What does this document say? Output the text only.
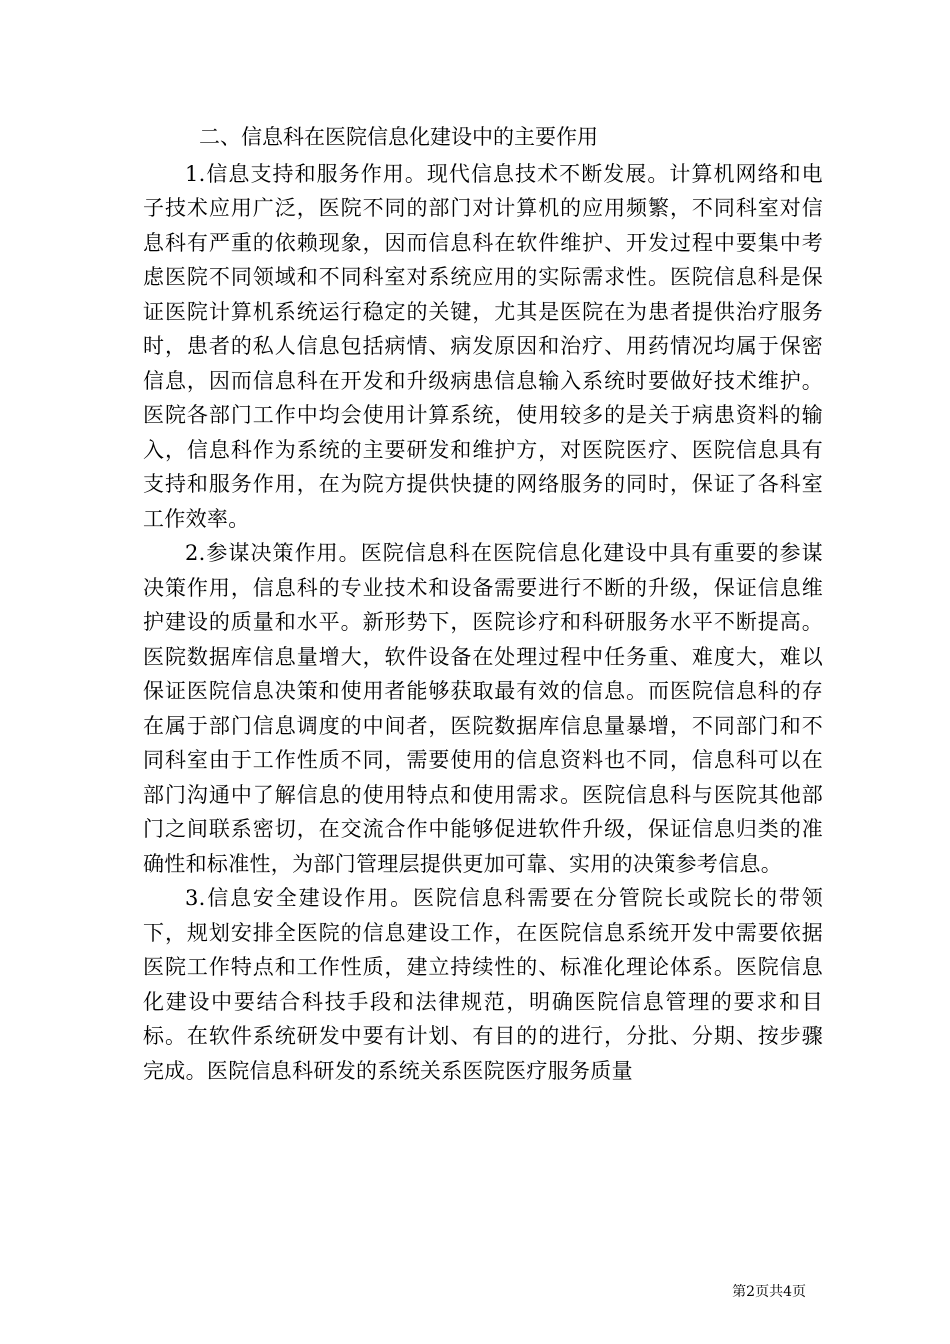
二、信息科在医院信息化建设中的主要作用

1.信息支持和服务作用。现代信息技术不断发展。计算机网络和电子技术应用广泛，医院不同的部门对计算机的应用频繁，不同科室对信息科有严重的依赖现象，因而信息科在软件维护、开发过程中要集中考虑医院不同领域和不同科室对系统应用的实际需求性。医院信息科是保证医院计算机系统运行稳定的关键，尤其是医院在为患者提供治疗服务时，患者的私人信息包括病情、病发原因和治疗、用药情况均属于保密信息，因而信息科在开发和升级病患信息输入系统时要做好技术维护。医院各部门工作中均会使用计算系统，使用较多的是关于病患资料的输入，信息科作为系统的主要研发和维护方，对医院医疗、医院信息具有支持和服务作用，在为院方提供快捷的网络服务的同时，保证了各科室工作效率。

2.参谋决策作用。医院信息科在医院信息化建设中具有重要的参谋决策作用，信息科的专业技术和设备需要进行不断的升级，保证信息维护建设的质量和水平。新形势下，医院诊疗和科研服务水平不断提高。医院数据库信息量增大，软件设备在处理过程中任务重、难度大，难以保证医院信息决策和使用者能够获取最有效的信息。而医院信息科的存在属于部门信息调度的中间者，医院数据库信息量暴增，不同部门和不同科室由于工作性质不同，需要使用的信息资料也不同，信息科可以在部门沟通中了解信息的使用特点和使用需求。医院信息科与医院其他部门之间联系密切，在交流合作中能够促进软件升级，保证信息归类的准确性和标准性，为部门管理层提供更加可靠、实用的决策参考信息。

3.信息安全建设作用。医院信息科需要在分管院长或院长的带领下，规划安排全医院的信息建设工作，在医院信息系统开发中需要依据医院工作特点和工作性质，建立持续性的、标准化理论体系。医院信息化建设中要结合科技手段和法律规范，明确医院信息管理的要求和目标。在软件系统研发中要有计划、有目的的进行，分批、分期、按步骤完成。医院信息科研发的系统关系医院医疗服务质量

第2页共4页
